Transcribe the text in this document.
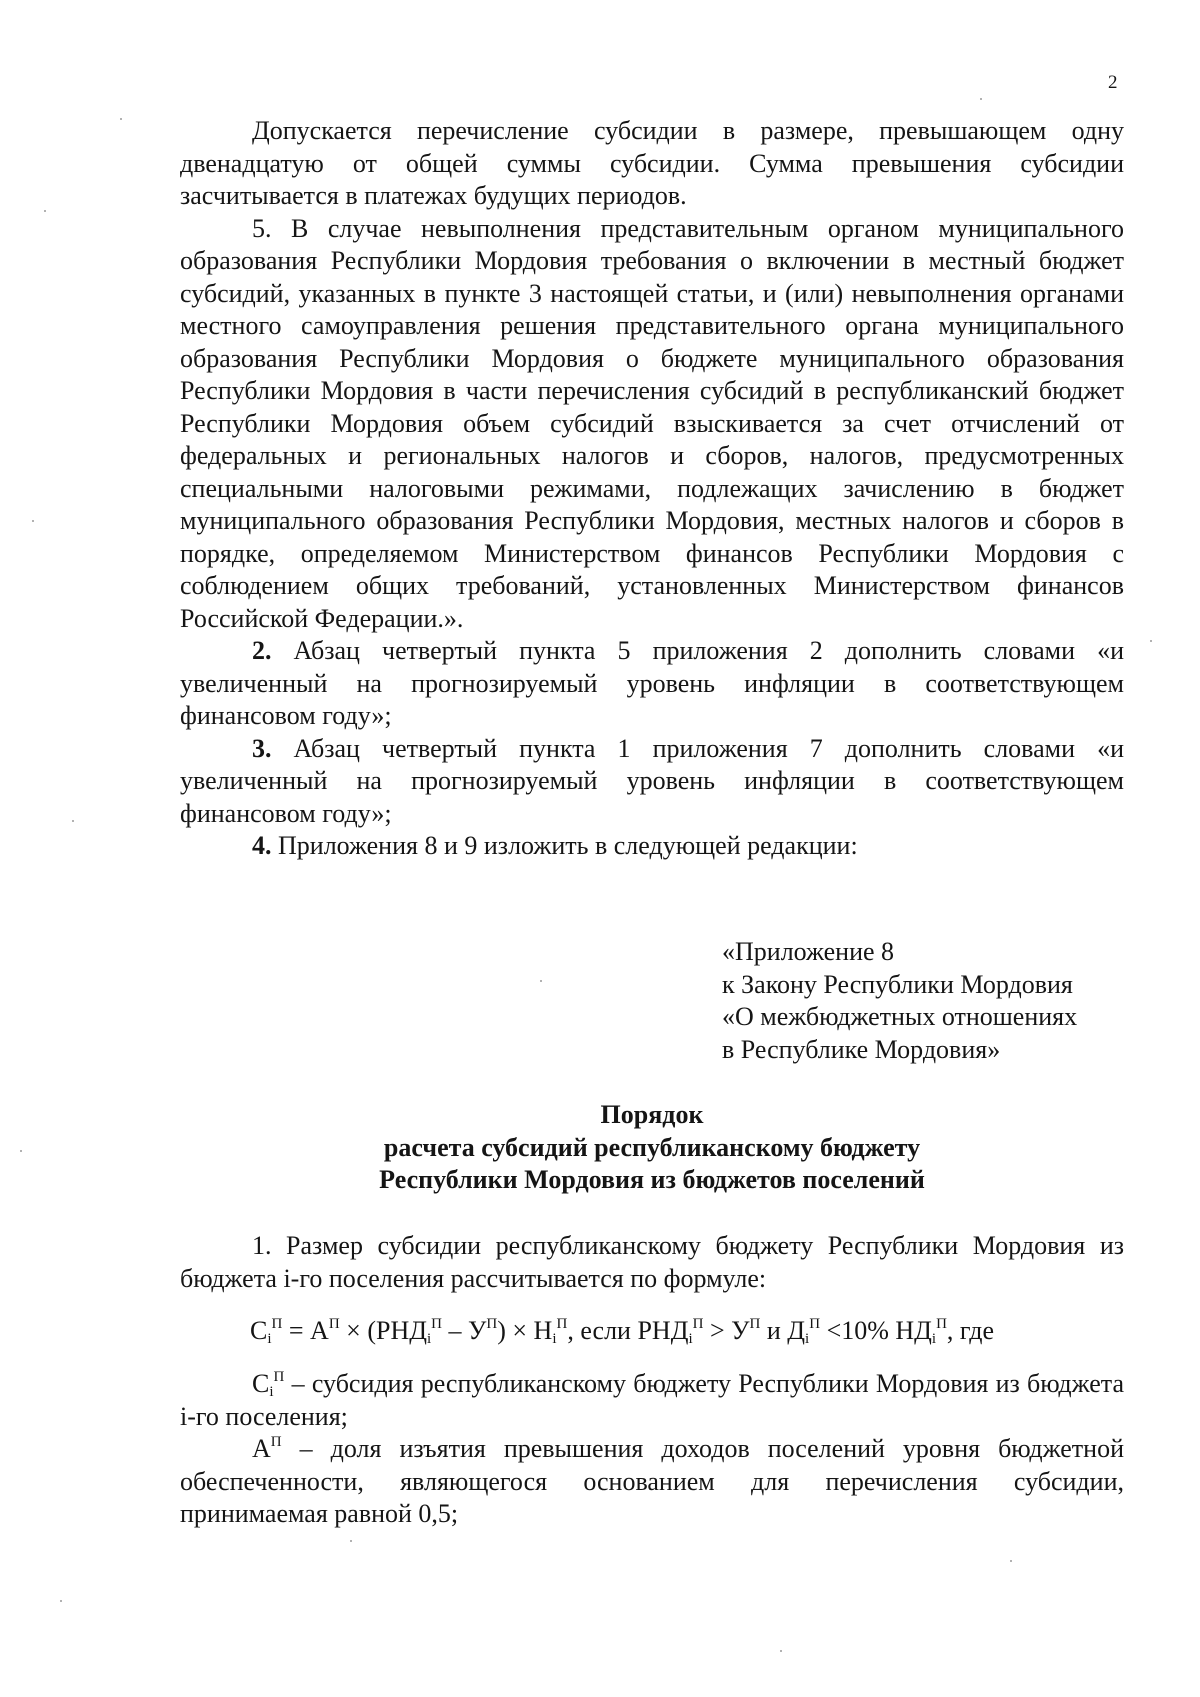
2

Допускается перечисление субсидии в размере, превышающем одну двенадцатую от общей суммы субсидии. Сумма превышения субсидии засчитывается в платежах будущих периодов.

5. В случае невыполнения представительным органом муниципального образования Республики Мордовия требования о включении в местный бюджет субсидий, указанных в пункте 3 настоящей статьи, и (или) невыполнения органами местного самоуправления решения представительного органа муниципального образования Республики Мордовия о бюджете муниципального образования Республики Мордовия в части перечисления субсидий в республиканский бюджет Республики Мордовия объем субсидий взыскивается за счет отчислений от федеральных и региональных налогов и сборов, налогов, предусмотренных специальными налоговыми режимами, подлежащих зачислению в бюджет муниципального образования Республики Мордовия, местных налогов и сборов в порядке, определяемом Министерством финансов Республики Мордовия с соблюдением общих требований, установленных Министерством финансов Российской Федерации.».

2. Абзац четвертый пункта 5 приложения 2 дополнить словами «и увеличенный на прогнозируемый уровень инфляции в соответствующем финансовом году»;

3. Абзац четвертый пункта 1 приложения 7 дополнить словами «и увеличенный на прогнозируемый уровень инфляции в соответствующем финансовом году»;

4. Приложения 8 и 9 изложить в следующей редакции:

«Приложение 8
к Закону Республики Мордовия
«О межбюджетных отношениях
в Республике Мордовия»
Порядок
расчета субсидий республиканскому бюджету
Республики Мордовия из бюджетов поселений

1. Размер субсидии республиканскому бюджету Республики Мордовия из бюджета i-го поселения рассчитывается по формуле:

$С_i^П = А^П \times (РНД_i^П - У^П) \times Н_i^П$, если $РНД_i^П > У^П$ и $Д_i^П <10\%$ $НД_i^П$, где

$С_i^П$ – субсидия республиканскому бюджету Республики Мордовия из бюджета i-го поселения;

$А^П$ – доля изъятия превышения доходов поселений уровня бюджетной обеспеченности, являющегося основанием для перечисления субсидии, принимаемая равной 0,5;
